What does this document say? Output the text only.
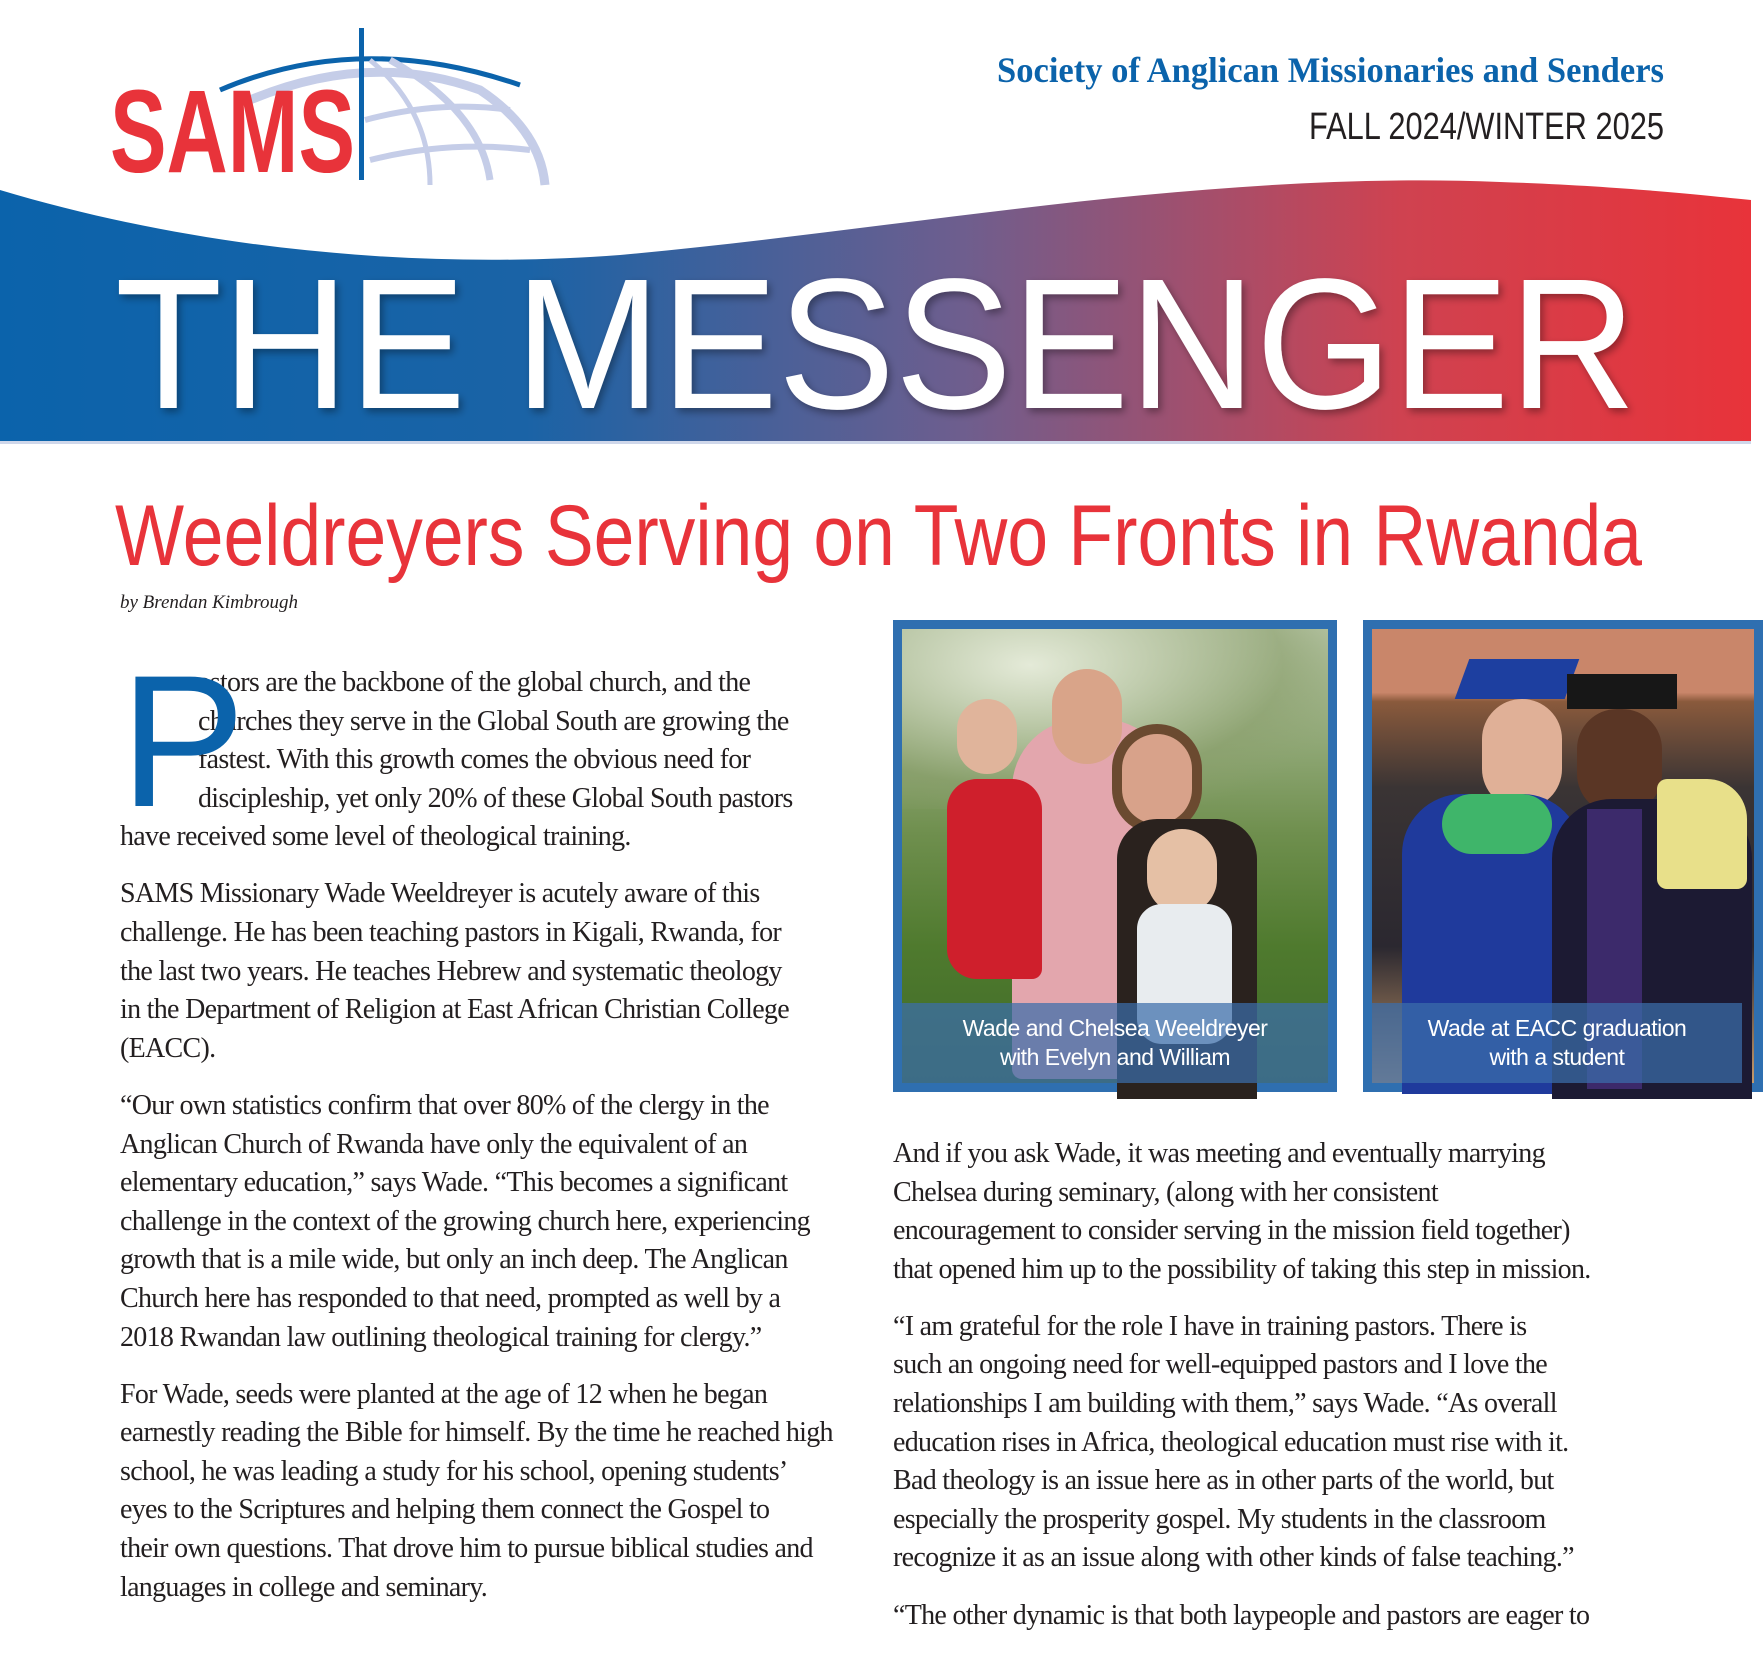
SAMS	Society of Anglican Missionaries and Senders
FALL 2024/WINTER 2025
THE MESSENGER
Weeldreyers Serving on Two Fronts in Rwanda
by Brendan Kimbrough
P
astors are the backbone of the global church, and the
churches they serve in the Global South are growing the
fastest. With this growth comes the obvious need for
discipleship, yet only 20% of these Global South pastors
have received some level of theological training.
SAMS Missionary Wade Weeldreyer is acutely aware of this
challenge. He has been teaching pastors in Kigali, Rwanda, for
the last two years. He teaches Hebrew and systematic theology
in the Department of Religion at East African Christian College
(EACC).
“Our own statistics confirm that over 80% of the clergy in the
Anglican Church of Rwanda have only the equivalent of an
elementary education,” says Wade. “This becomes a significant
challenge in the context of the growing church here, experiencing
growth that is a mile wide, but only an inch deep. The Anglican
Church here has responded to that need, prompted as well by a
2018 Rwandan law outlining theological training for clergy.”
For Wade, seeds were planted at the age of 12 when he began
earnestly reading the Bible for himself. By the time he reached high
school, he was leading a study for his school, opening students’
eyes to the Scriptures and helping them connect the Gospel to
their own questions. That drove him to pursue biblical studies and
languages in college and seminary.
Wade and Chelsea Weeldreyer
with Evelyn and William
Wade at EACC graduation
with a student
And if you ask Wade, it was meeting and eventually marrying
Chelsea during seminary, (along with her consistent
encouragement to consider serving in the mission field together)
that opened him up to the possibility of taking this step in mission.
“I am grateful for the role I have in training pastors. There is
such an ongoing need for well-equipped pastors and I love the
relationships I am building with them,” says Wade. “As overall
education rises in Africa, theological education must rise with it.
Bad theology is an issue here as in other parts of the world, but
especially the prosperity gospel. My students in the classroom
recognize it as an issue along with other kinds of false teaching.”
“The other dynamic is that both laypeople and pastors are eager to
